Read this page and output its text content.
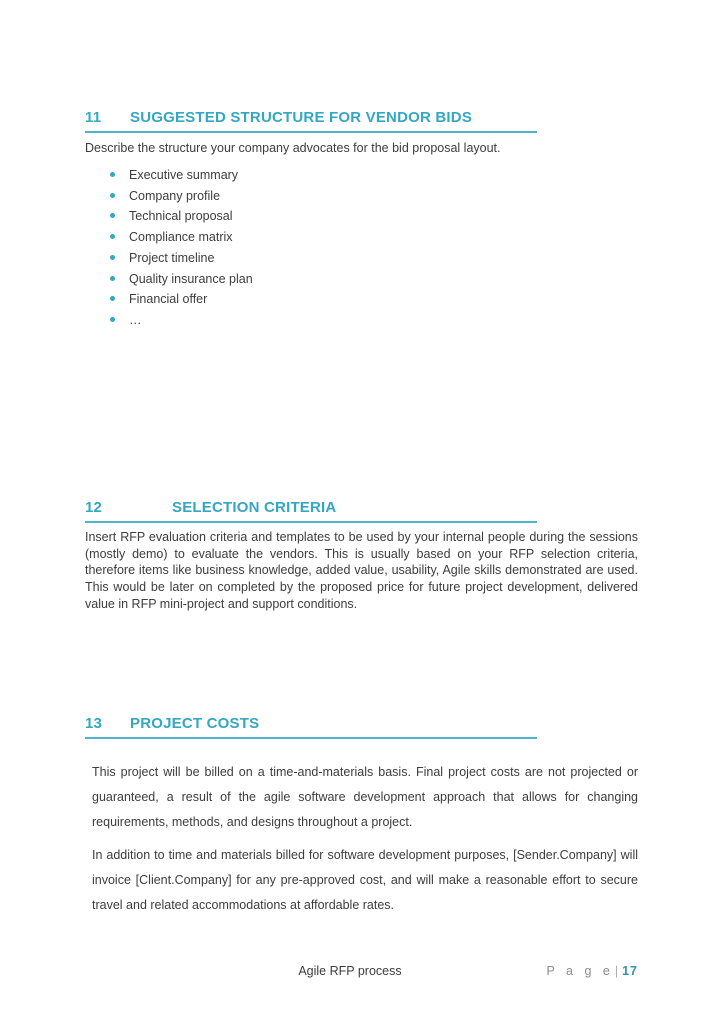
11 SUGGESTED STRUCTURE FOR VENDOR BIDS

Describe the structure your company advocates for the bid proposal layout.

Executive summary
Company profile
Technical proposal
Compliance matrix
Project timeline
Quality insurance plan
Financial offer
…
12	SELECTION CRITERIA

Insert RFP evaluation criteria and templates to be used by your internal people during the sessions (mostly demo) to evaluate the vendors. This is usually based on your RFP selection criteria, therefore items like business knowledge, added value, usability, Agile skills demonstrated are used. This would be later on completed by the proposed price for future project development, delivered value in RFP mini-project and support conditions.

13 PROJECT COSTS

This project will be billed on a time-and-materials basis. Final project costs are not projected or guaranteed, a result of the agile software development approach that allows for changing requirements, methods, and designs throughout a project.

In addition to time and materials billed for software development purposes, [Sender.Company] will invoice [Client.Company] for any pre-approved cost, and will make a reasonable effort to secure travel and related accommodations at affordable rates.

Agile RFP process	P a g e| 17
